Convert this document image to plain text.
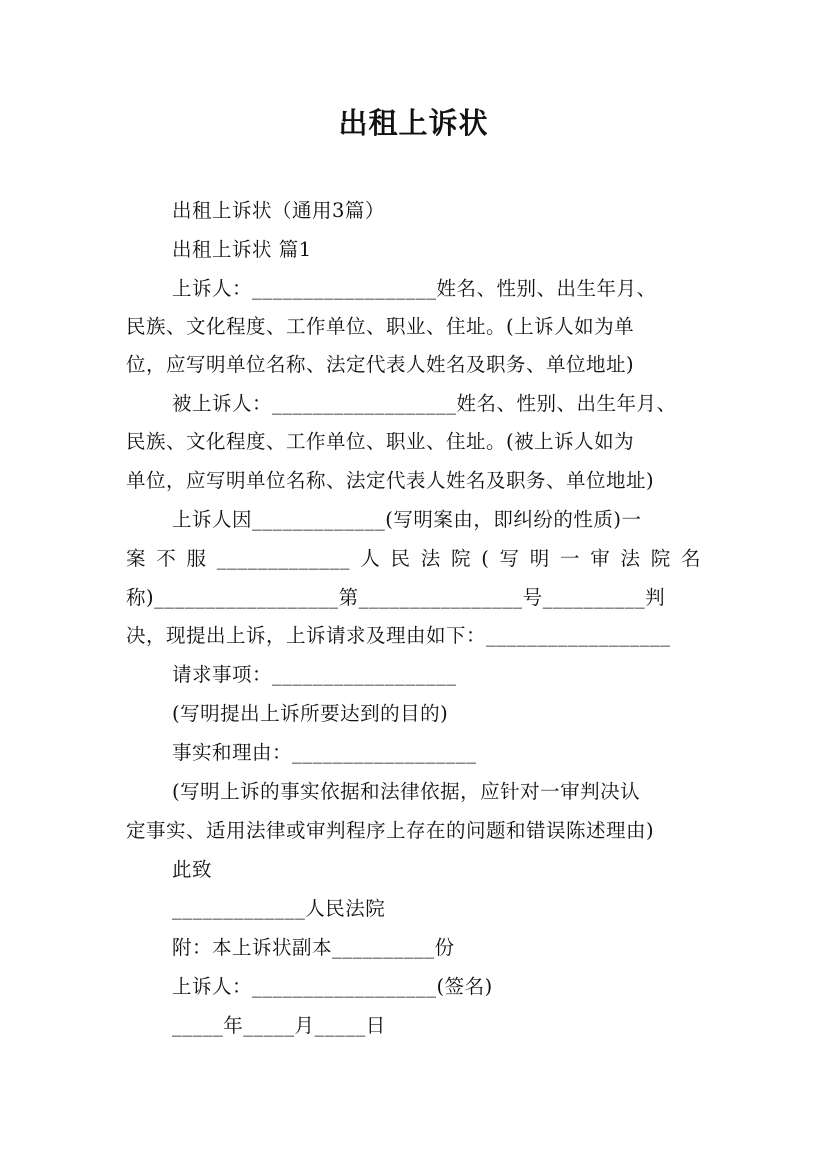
出租上诉状
出租上诉状（通用3篇）
出租上诉状 篇1
上诉人：__________________姓名、性别、出生年月、
民族、文化程度、工作单位、职业、住址。(上诉人如为单
位，应写明单位名称、法定代表人姓名及职务、单位地址)
被上诉人：__________________姓名、性别、出生年月、
民族、文化程度、工作单位、职业、住址。(被上诉人如为
单位，应写明单位名称、法定代表人姓名及职务、单位地址)
上诉人因_____________(写明案由，即纠纷的性质)一
案不服_____________人民法院(写明一审法院名
称)__________________第________________号__________判
决，现提出上诉，上诉请求及理由如下：__________________
请求事项：__________________
(写明提出上诉所要达到的目的)
事实和理由：__________________
(写明上诉的事实依据和法律依据，应针对一审判决认
定事实、适用法律或审判程序上存在的问题和错误陈述理由)
此致
_____________人民法院
附：本上诉状副本__________份
上诉人：__________________(签名)
_____年_____月_____日
